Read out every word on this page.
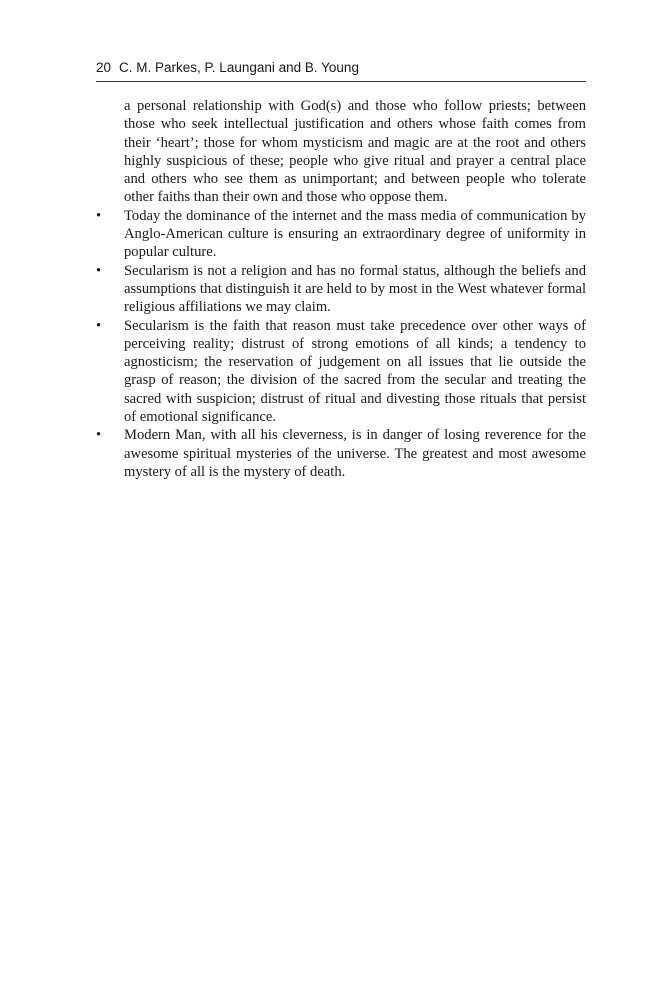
20 C. M. Parkes, P. Laungani and B. Young

a personal relationship with God(s) and those who follow priests; between those who seek intellectual justification and others whose faith comes from their ‘heart’; those for whom mysticism and magic are at the root and others highly suspicious of these; people who give ritual and prayer a central place and others who see them as unimportant; and between people who tolerate other faiths than their own and those who oppose them.

•	Today the dominance of the internet and the mass media of communication by Anglo-American culture is ensuring an extraordinary degree of uniformity in popular culture.
•	Secularism is not a religion and has no formal status, although the beliefs and assumptions that distinguish it are held to by most in the West whatever formal religious affiliations we may claim.
•	Secularism is the faith that reason must take precedence over other ways of perceiving reality; distrust of strong emotions of all kinds; a tendency to agnosticism; the reservation of judgement on all issues that lie outside the grasp of reason; the division of the sacred from the secular and treating the sacred with suspicion; distrust of ritual and divesting those rituals that persist of emotional significance.
•	Modern Man, with all his cleverness, is in danger of losing reverence for the awesome spiritual mysteries of the universe. The greatest and most awesome mystery of all is the mystery of death.
